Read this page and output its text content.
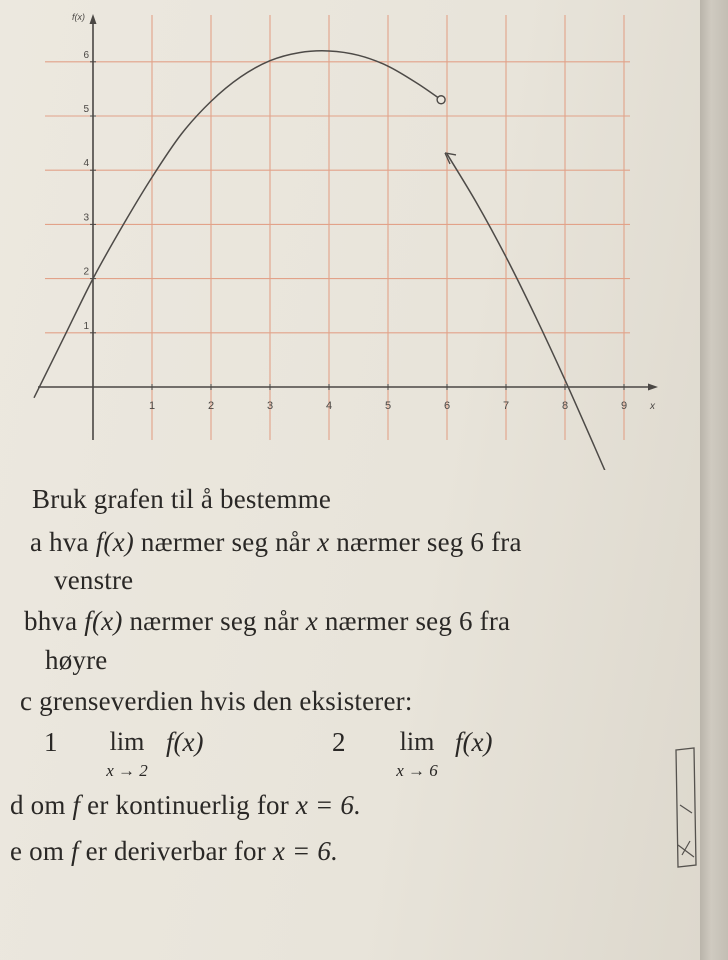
1	2	3	4	5	6	7	8	9
1
2
3
4
5
6
f(x)
x
Bruk grafen til å bestemme
a hva f(x) nærmer seg når x nærmer seg 6 fra
venstre
bhva f(x) nærmer seg når x nærmer seg 6 fra
høyre
c grenseverdien hvis den eksisterer:
1	lim
x → 2
f(x)	2	lim
x → 6
f(x)
d om f er kontinuerlig for x = 6.
e om f er deriverbar for x = 6.
